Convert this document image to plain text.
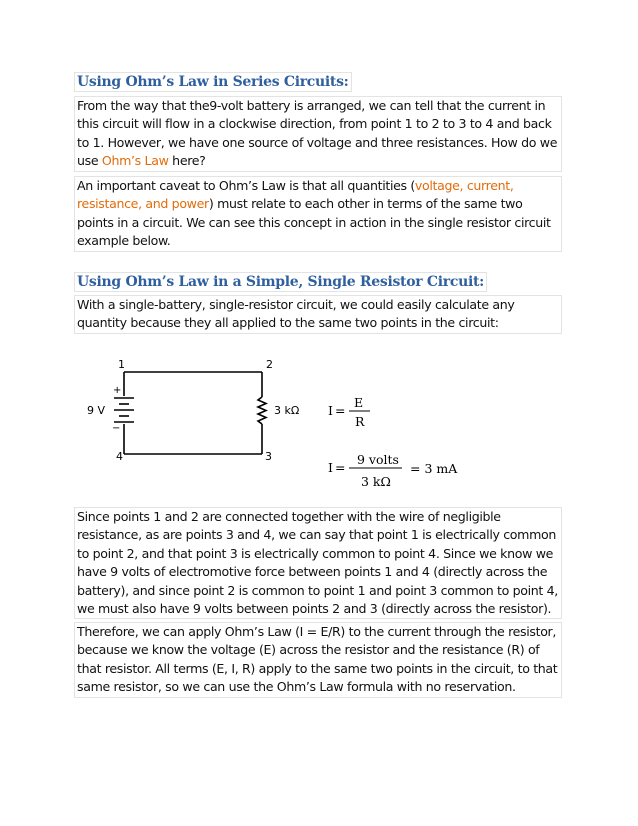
Using Ohm’s Law in Series Circuits:
From the way that the9-volt battery is arranged, we can tell that the current in this circuit will flow in a clockwise direction, from point 1 to 2 to 3 to 4 and back to 1. However, we have one source of voltage and three resistances. How do we use Ohm’s Law here?
An important caveat to Ohm’s Law is that all quantities (voltage, current, resistance, and power) must relate to each other in terms of the same two points in a circuit. We can see this concept in action in the single resistor circuit example below.
Using Ohm’s Law in a Simple, Single Resistor Circuit:
With a single-battery, single-resistor circuit, we could easily calculate any quantity because they all applied to the same two points in the circuit:
1	2
3
4
+
−
9 V	3 kΩ I =
E
R
I =
9 volts
3 kΩ
= 3 mA
Since points 1 and 2 are connected together with the wire of negligible resistance, as are points 3 and 4, we can say that point 1 is electrically common to point 2, and that point 3 is electrically common to point 4. Since we know we have 9 volts of electromotive force between points 1 and 4 (directly across the battery), and since point 2 is common to point 1 and point 3 common to point 4, we must also have 9 volts between points 2 and 3 (directly across the resistor).
Therefore, we can apply Ohm’s Law (I = E/R) to the current through the resistor, because we know the voltage (E) across the resistor and the resistance (R) of that resistor. All terms (E, I, R) apply to the same two points in the circuit, to that same resistor, so we can use the Ohm’s Law formula with no reservation.
